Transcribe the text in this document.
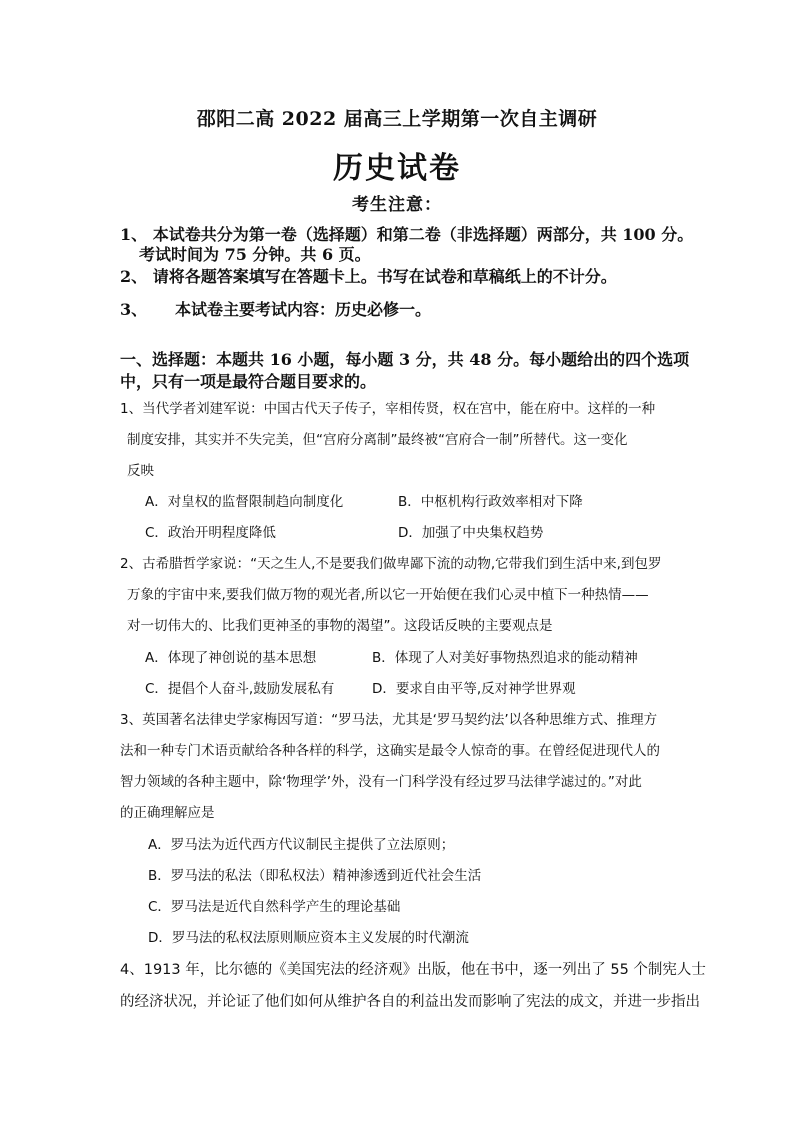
邵阳二高 2022 届高三上学期第一次自主调研
历史试卷
考生注意：
1、 本试卷共分为第一卷（选择题）和第二卷（非选择题）两部分，共 100 分。
考试时间为 75 分钟。共 6 页。
2、 请将各题答案填写在答题卡上。书写在试卷和草稿纸上的不计分。
3、     本试卷主要考试内容：历史必修一。
一、选择题：本题共 16 小题，每小题 3 分，共 48 分。每小题给出的四个选项
中，只有一项是最符合题目要求的。
1、当代学者刘建军说：中国古代天子传子，宰相传贤，权在宫中，能在府中。这样的一种
制度安排，其实并不失完美，但“宫府分离制”最终被“宫府合一制”所替代。这一变化
反映
A．对皇权的监督限制趋向制度化	B．中枢机构行政效率相对下降
C．政治开明程度降低	D．加强了中央集权趋势
2、古希腊哲学家说：“天之生人,不是要我们做卑鄙下流的动物,它带我们到生活中来,到包罗
万象的宇宙中来,要我们做万物的观光者,所以它一开始便在我们心灵中植下一种热情——
对一切伟大的、比我们更神圣的事物的渴望”。这段话反映的主要观点是
A．体现了神创说的基本思想	B．体现了人对美好事物热烈追求的能动精神
C．提倡个人奋斗,鼓励发展私有	D．要求自由平等,反对神学世界观
3、英国著名法律史学家梅因写道：“罗马法，尤其是‘罗马契约法’以各种思维方式、推理方
法和一种专门术语贡献给各种各样的科学，这确实是最令人惊奇的事。在曾经促进现代人的
智力领域的各种主题中，除‘物理学’外，没有一门科学没有经过罗马法律学滤过的。”对此
的正确理解应是
A．罗马法为近代西方代议制民主提供了立法原则；
B．罗马法的私法（即私权法）精神渗透到近代社会生活
C．罗马法是近代自然科学产生的理论基础
D．罗马法的私权法原则顺应资本主义发展的时代潮流
4、1913 年，比尔德的《美国宪法的经济观》出版，他在书中，逐一列出了 55 个制宪人士
的经济状况，并论证了他们如何从维护各自的利益出发而影响了宪法的成文，并进一步指出
